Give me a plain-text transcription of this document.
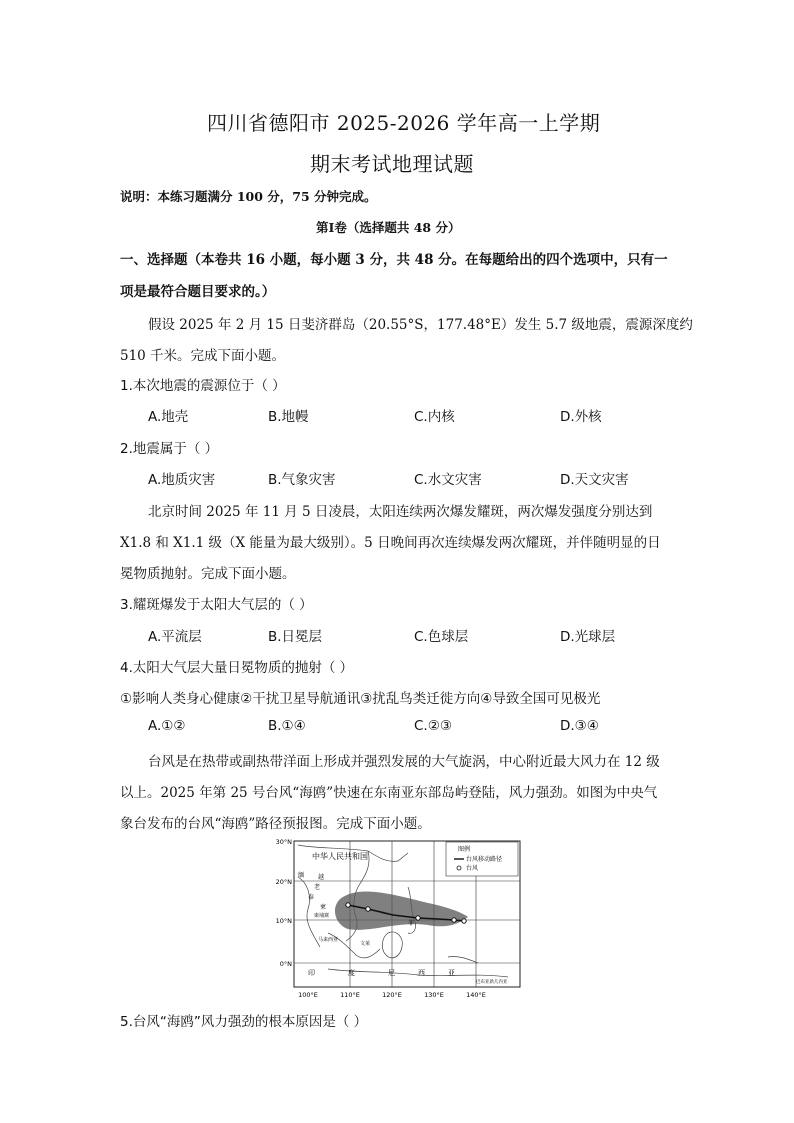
四川省德阳市 2025-2026 学年高一上学期
期末考试地理试题
说明：本练习题满分 100 分，75 分钟完成。
第Ⅰ卷（选择题共 48 分）
一、选择题（本卷共 16 小题，每小题 3 分，共 48 分。在每题给出的四个选项中，只有一
项是最符合题目要求的。）
假设 2025 年 2 月 15 日斐济群岛（20.55°S，177.48°E）发生 5.7 级地震，震源深度约
510 千米。完成下面小题。
1.本次地震的震源位于（ ）
A.地壳	B.地幔	C.内核	D.外核
2.地震属于（ ）
A.地质灾害	B.气象灾害	C.水文灾害	D.天文灾害
北京时间 2025 年 11 月 5 日凌晨，太阳连续两次爆发耀斑，两次爆发强度分别达到
X1.8 和 X1.1 级（X 能量为最大级别）。5 日晚间再次连续爆发两次耀斑，并伴随明显的日
冕物质抛射。完成下面小题。
3.耀斑爆发于太阳大气层的（ ）
A.平流层	B.日冕层	C.色球层	D.光球层
4.太阳大气层大量日冕物质的抛射（ ）
①影响人类身心健康②干扰卫星导航通讯③扰乱鸟类迁徙方向④导致全国可见极光
A.①②	B.①④	C.②③	D.③④
台风是在热带或副热带洋面上形成并强烈发展的大气旋涡，中心附近最大风力在 12 级
以上。2025 年第 25 号台风“海鸥”快速在东南亚东部岛屿登陆，风力强劲。如图为中央气
象台发布的台风“海鸥”路径预报图。完成下面小题。
中华人民共和国
图例
台风移动路径
台风
越
老
柬
泰
缅
菲
柬埔寨
马来西亚
文莱
巴布亚新几内亚
印	度	尼	西	亚
30°N
20°N
10°N
0°N
100°E	110°E	120°E	130°E	140°E
5.台风“海鸥”风力强劲的根本原因是（ ）
